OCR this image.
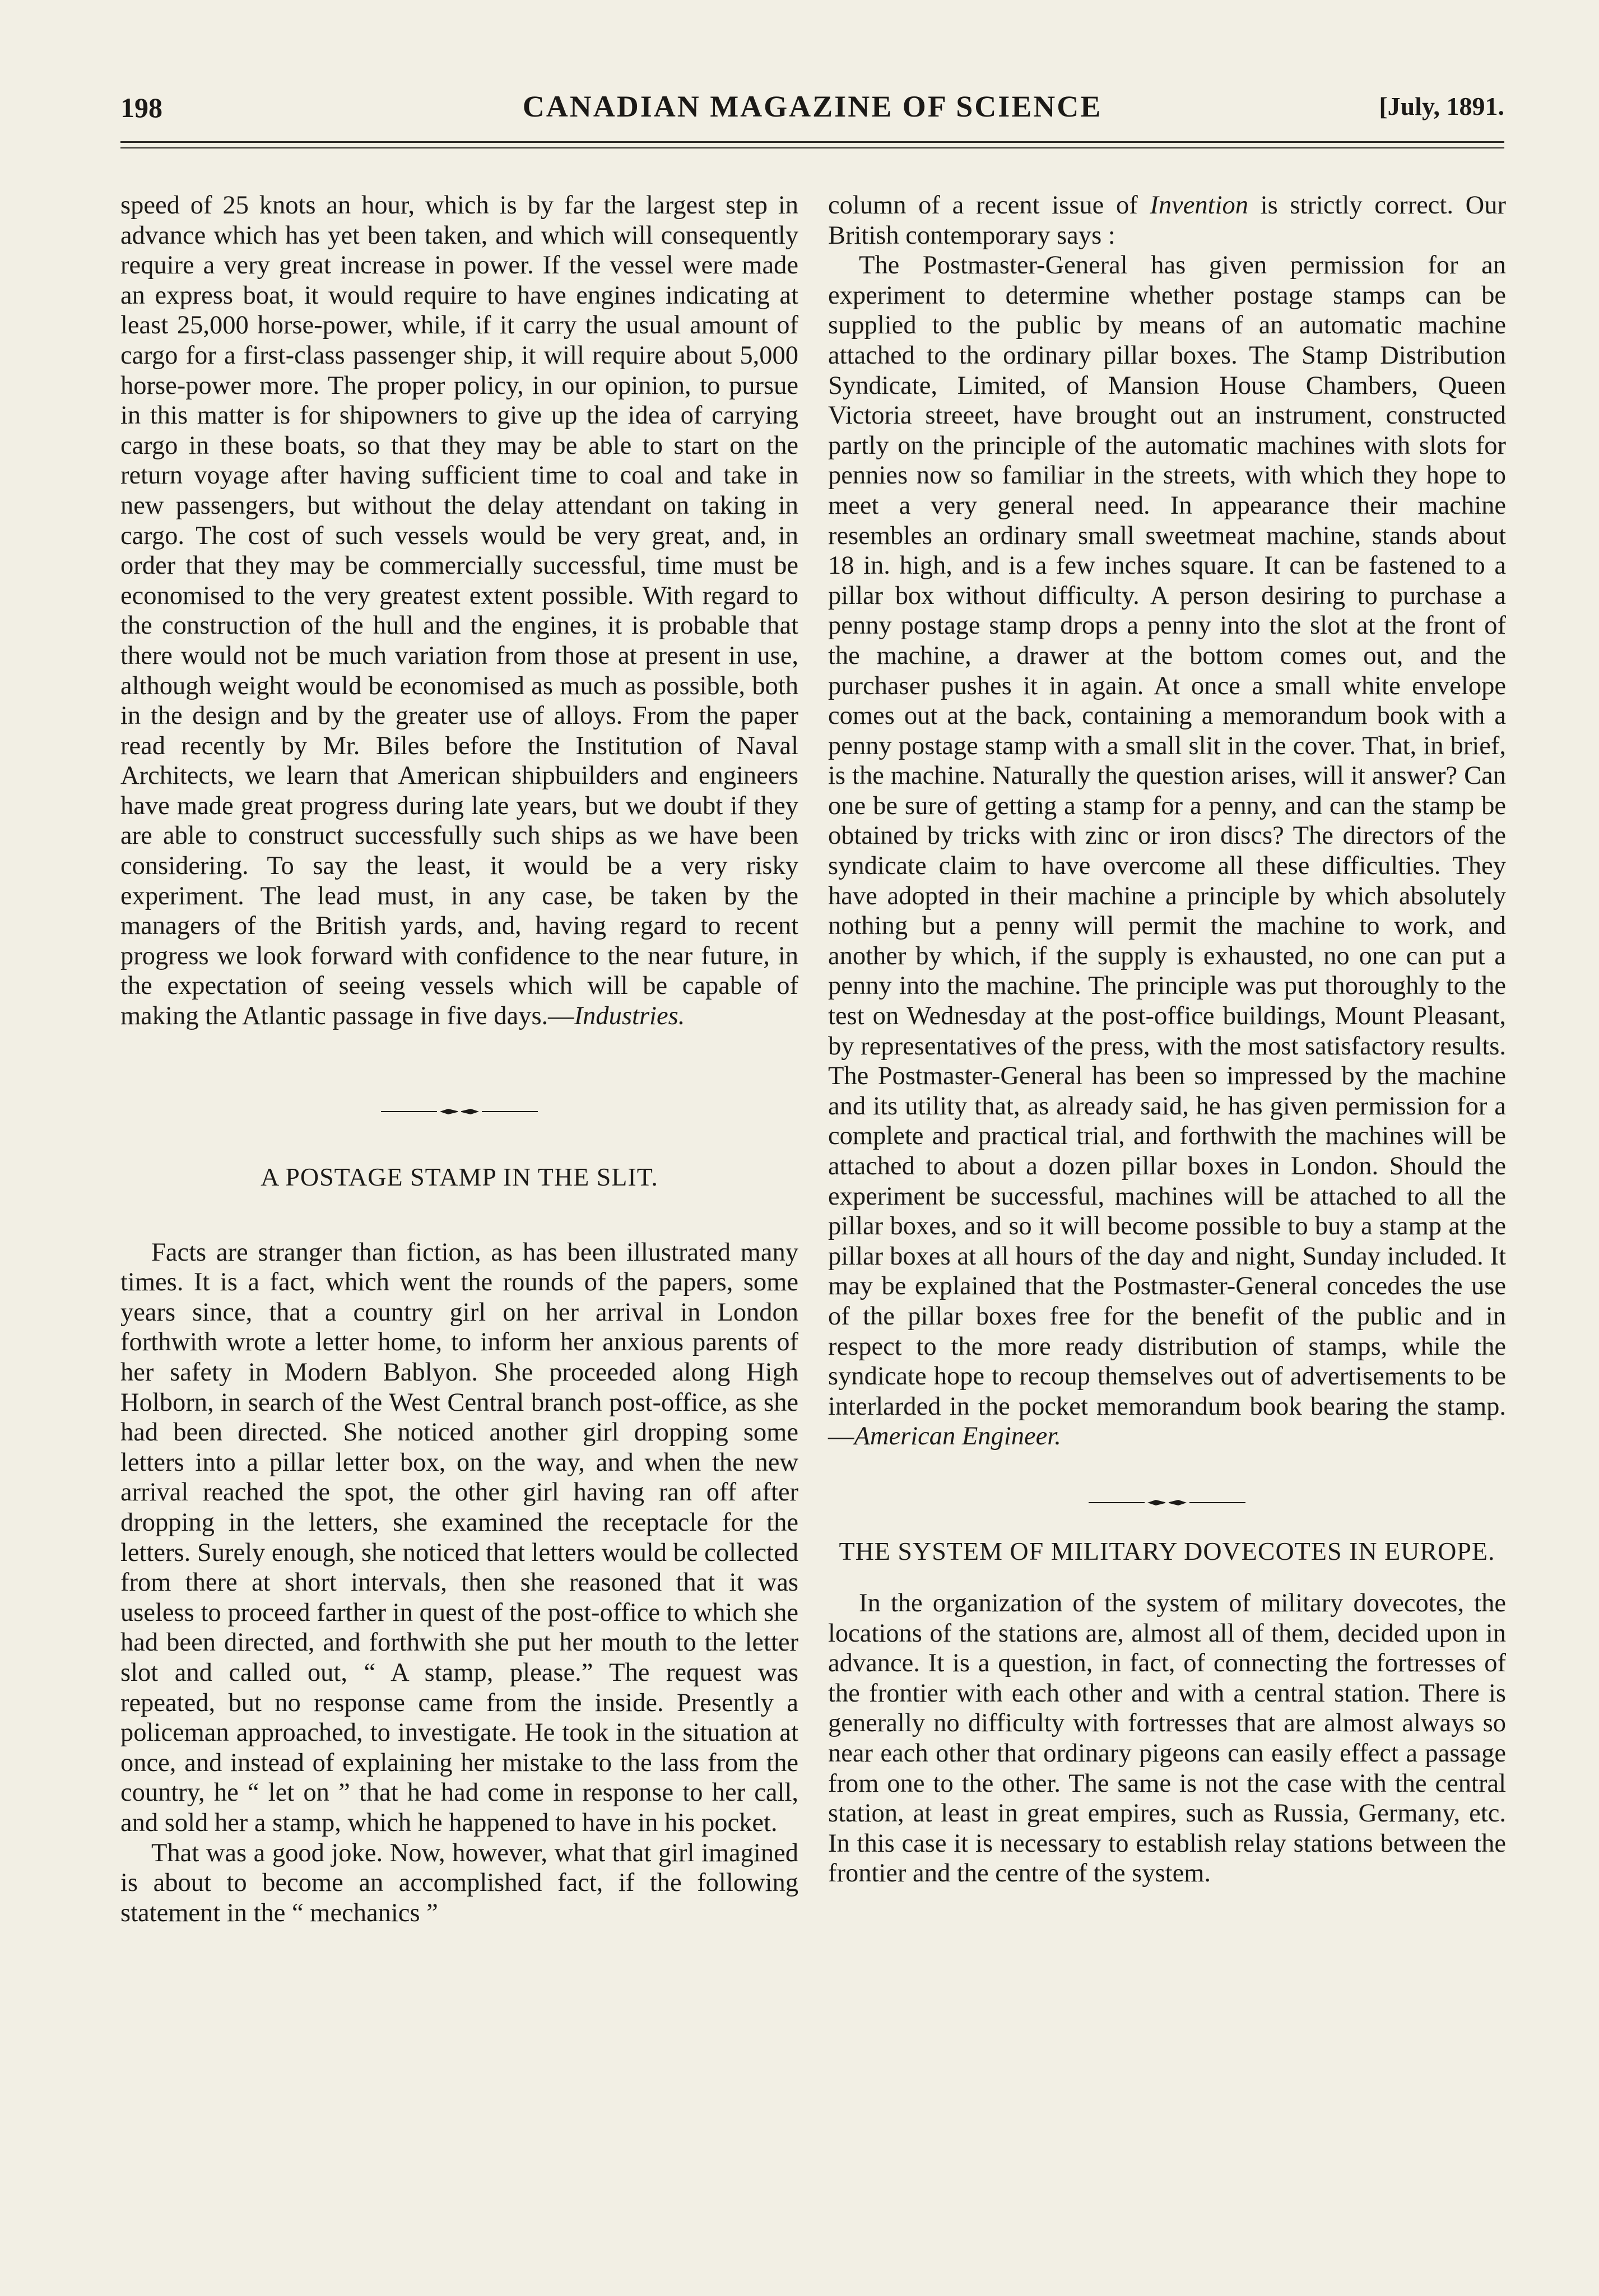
198	CANADIAN MAGAZINE OF SCIENCE	[July, 1891.

speed of 25 knots an hour, which is by far the largest step in advance which has yet been taken, and which will consequently require a very great increase in power. If the vessel were made an express boat, it would require to have engines indicating at least 25,000 horse-power, while, if it carry the usual amount of cargo for a first-class passenger ship, it will require about 5,000 horse-power more. The proper policy, in our opinion, to pursue in this matter is for shipowners to give up the idea of carrying cargo in these boats, so that they may be able to start on the return voyage after having sufficient time to coal and take in new passengers, but without the delay attendant on taking in cargo. The cost of such vessels would be very great, and, in order that they may be commercially successful, time must be economised to the very greatest extent possible. With regard to the construction of the hull and the engines, it is probable that there would not be much variation from those at present in use, although weight would be economised as much as possible, both in the design and by the greater use of alloys. From the paper read recently by Mr. Biles before the Institution of Naval Architects, we learn that American shipbuilders and engineers have made great progress during late years, but we doubt if they are able to construct successfully such ships as we have been considering. To say the least, it would be a very risky experiment. The lead must, in any case, be taken by the managers of the British yards, and, having regard to recent progress we look forward with confidence to the near future, in the expectation of seeing vessels which will be capable of making the Atlantic passage in five days.—Industries.

A POSTAGE STAMP IN THE SLIT.

Facts are stranger than fiction, as has been illustrated many times. It is a fact, which went the rounds of the papers, some years since, that a country girl on her arrival in London forthwith wrote a letter home, to inform her anxious parents of her safety in Modern Bablyon. She proceeded along High Holborn, in search of the West Central branch post-office, as she had been directed. She noticed another girl dropping some letters into a pillar letter box, on the way, and when the new arrival reached the spot, the other girl having ran off after dropping in the letters, she examined the receptacle for the letters. Surely enough, she noticed that letters would be collected from there at short intervals, then she reasoned that it was useless to proceed farther in quest of the post-office to which she had been directed, and forthwith she put her mouth to the letter slot and called out, “ A stamp, please.” The request was repeated, but no response came from the inside. Presently a policeman approached, to investigate. He took in the situation at once, and instead of explaining her mistake to the lass from the country, he “ let on ” that he had come in response to her call, and sold her a stamp, which he happened to have in his pocket.

That was a good joke. Now, however, what that girl imagined is about to become an accomplished fact, if the following statement in the “ mechanics ”

column of a recent issue of Invention is strictly correct. Our British contemporary says :

The Postmaster-General has given permission for an experiment to determine whether postage stamps can be supplied to the public by means of an automatic machine attached to the ordinary pillar boxes. The Stamp Distribution Syndicate, Limited, of Mansion House Chambers, Queen Victoria streeet, have brought out an instrument, constructed partly on the principle of the automatic machines with slots for pennies now so familiar in the streets, with which they hope to meet a very general need. In appearance their machine resembles an ordinary small sweetmeat machine, stands about 18 in. high, and is a few inches square. It can be fastened to a pillar box without difficulty. A person desiring to purchase a penny postage stamp drops a penny into the slot at the front of the machine, a drawer at the bottom comes out, and the purchaser pushes it in again. At once a small white envelope comes out at the back, containing a memorandum book with a penny postage stamp with a small slit in the cover. That, in brief, is the machine. Naturally the question arises, will it answer? Can one be sure of getting a stamp for a penny, and can the stamp be obtained by tricks with zinc or iron discs? The directors of the syndicate claim to have overcome all these difficulties. They have adopted in their machine a principle by which absolutely nothing but a penny will permit the machine to work, and another by which, if the supply is exhausted, no one can put a penny into the machine. The principle was put thoroughly to the test on Wednesday at the post-office buildings, Mount Pleasant, by representatives of the press, with the most satisfactory results. The Postmaster-General has been so impressed by the machine and its utility that, as already said, he has given permission for a complete and practical trial, and forthwith the machines will be attached to about a dozen pillar boxes in London. Should the experiment be successful, machines will be attached to all the pillar boxes, and so it will become possible to buy a stamp at the pillar boxes at all hours of the day and night, Sunday included. It may be explained that the Postmaster-General concedes the use of the pillar boxes free for the benefit of the public and in respect to the more ready distribution of stamps, while the syndicate hope to recoup themselves out of advertisements to be interlarded in the pocket memorandum book bearing the stamp.—American Engineer.

THE SYSTEM OF MILITARY DOVECOTES IN EUROPE.

In the organization of the system of military dovecotes, the locations of the stations are, almost all of them, decided upon in advance. It is a question, in fact, of connecting the fortresses of the frontier with each other and with a central station. There is generally no difficulty with fortresses that are almost always so near each other that ordinary pigeons can easily effect a passage from one to the other. The same is not the case with the central station, at least in great empires, such as Russia, Germany, etc. In this case it is necessary to establish relay stations between the frontier and the centre of the system.
